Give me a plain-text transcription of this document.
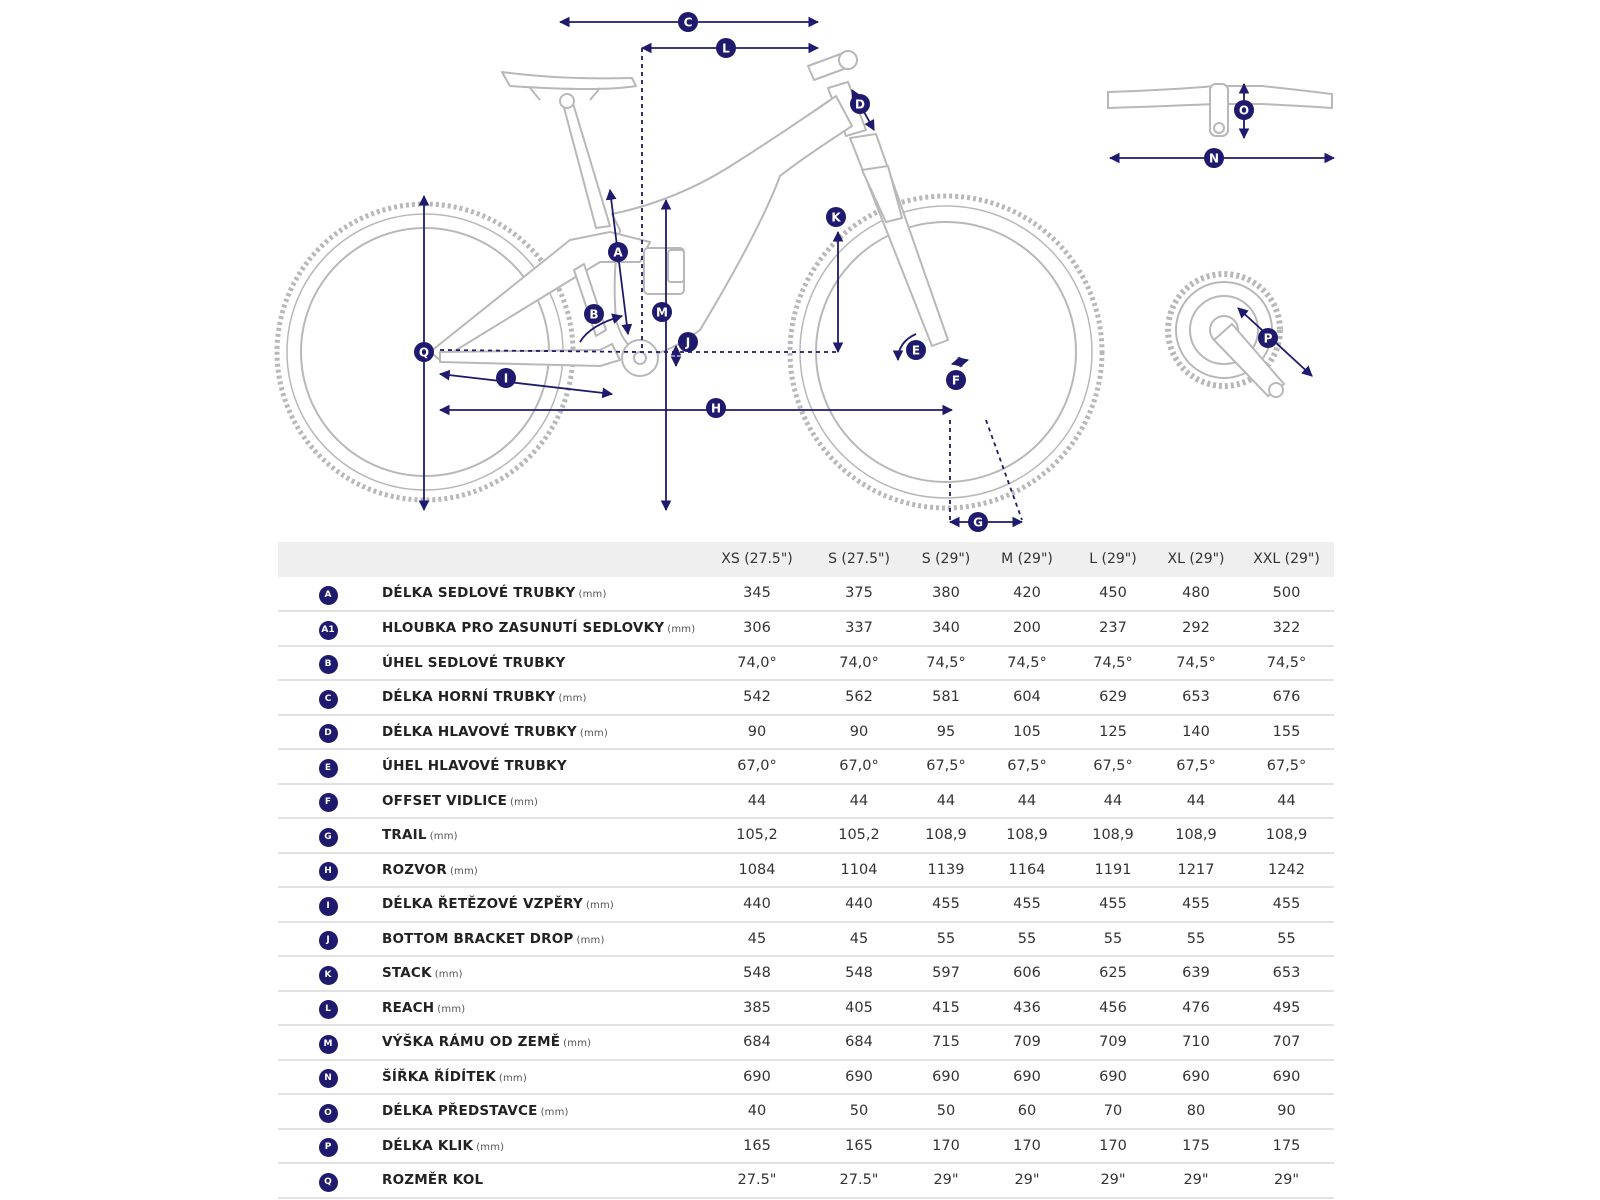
C
L
D
A
K
B	M
J
Q	E
F
I
H
G
O
N
P
		XS (27.5")	S (27.5")	S (29")	M (29")	L (29")	XL (29")	XXL (29")
A	DÉLKA SEDLOVÉ TRUBKY (mm)	345	375	380	420	450	480	500
A1	HLOUBKA PRO ZASUNUTÍ SEDLOVKY (mm)	306	337	340	200	237	292	322
B	ÚHEL SEDLOVÉ TRUBKY	74,0°	74,0°	74,5°	74,5°	74,5°	74,5°	74,5°
C	DÉLKA HORNÍ TRUBKY (mm)	542	562	581	604	629	653	676
D	DÉLKA HLAVOVÉ TRUBKY (mm)	90	90	95	105	125	140	155
E	ÚHEL HLAVOVÉ TRUBKY	67,0°	67,0°	67,5°	67,5°	67,5°	67,5°	67,5°
F	OFFSET VIDLICE (mm)	44	44	44	44	44	44	44
G	TRAIL (mm)	105,2	105,2	108,9	108,9	108,9	108,9	108,9
H	ROZVOR (mm)	1084	1104	1139	1164	1191	1217	1242
I	DÉLKA ŘETĚZOVÉ VZPĚRY (mm)	440	440	455	455	455	455	455
J	BOTTOM BRACKET DROP (mm)	45	45	55	55	55	55	55
K	STACK (mm)	548	548	597	606	625	639	653
L	REACH (mm)	385	405	415	436	456	476	495
M	VÝŠKA RÁMU OD ZEMĚ (mm)	684	684	715	709	709	710	707
N	ŠÍŘKA ŘÍDÍTEK (mm)	690	690	690	690	690	690	690
O	DÉLKA PŘEDSTAVCE (mm)	40	50	50	60	70	80	90
P	DÉLKA KLIK (mm)	165	165	170	170	170	175	175
Q	ROZMĚR KOL	27.5"	27.5"	29"	29"	29"	29"	29"
